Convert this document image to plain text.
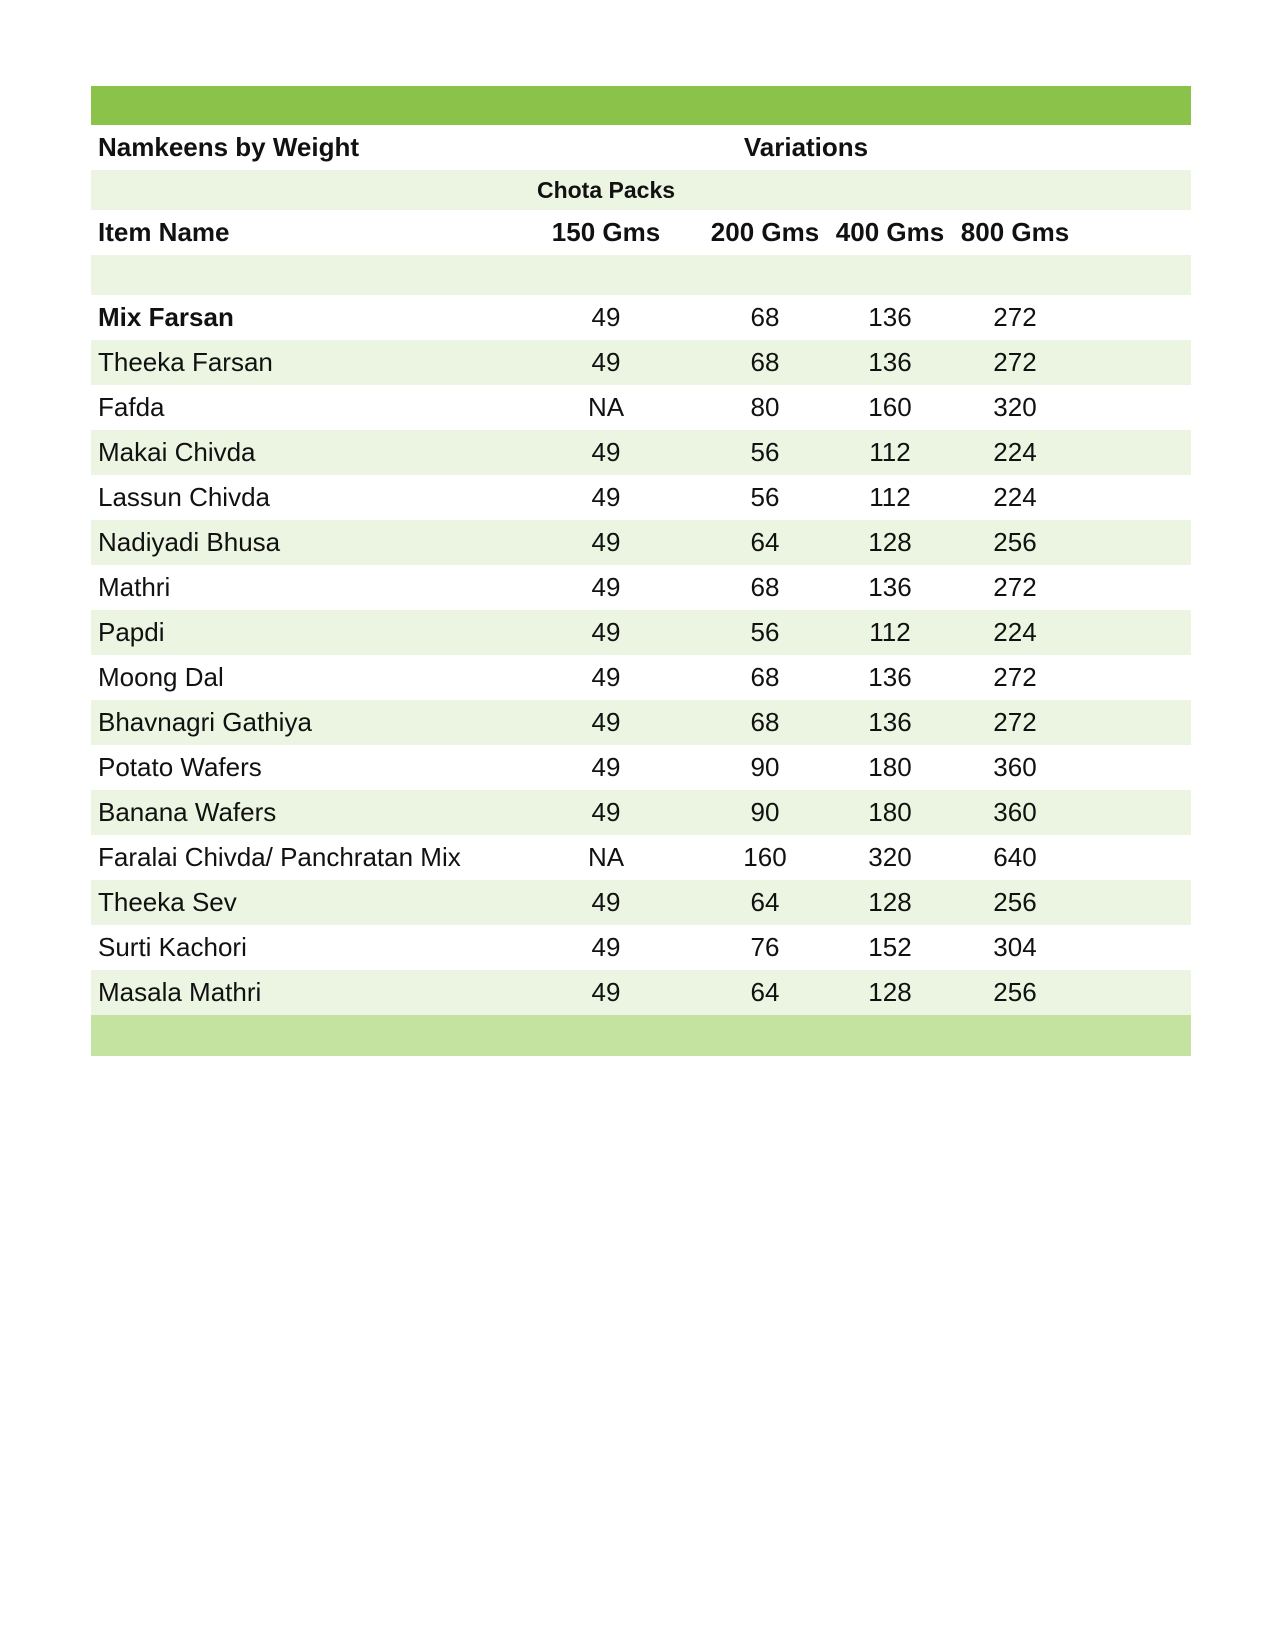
Namkeens by Weight	Variations
Chota Packs
Item Name	150 Gms 200 Gms 400 Gms 800 Gms
Mix Farsan	49	68	136	272
Theeka Farsan	49	68	136	272
Fafda	NA	80	160	320
Makai Chivda	49	56	112	224
Lassun Chivda	49	56	112	224
Nadiyadi Bhusa	49	64	128	256
Mathri	49	68	136	272
Papdi	49	56	112	224
Moong Dal	49	68	136	272
Bhavnagri Gathiya	49	68	136	272
Potato Wafers	49	90	180	360
Banana Wafers	49	90	180	360
Faralai Chivda/ Panchratan Mix	NA	160	320	640
Theeka Sev	49	64	128	256
Surti Kachori	49	76	152	304
Masala Mathri	49	64	128	256
